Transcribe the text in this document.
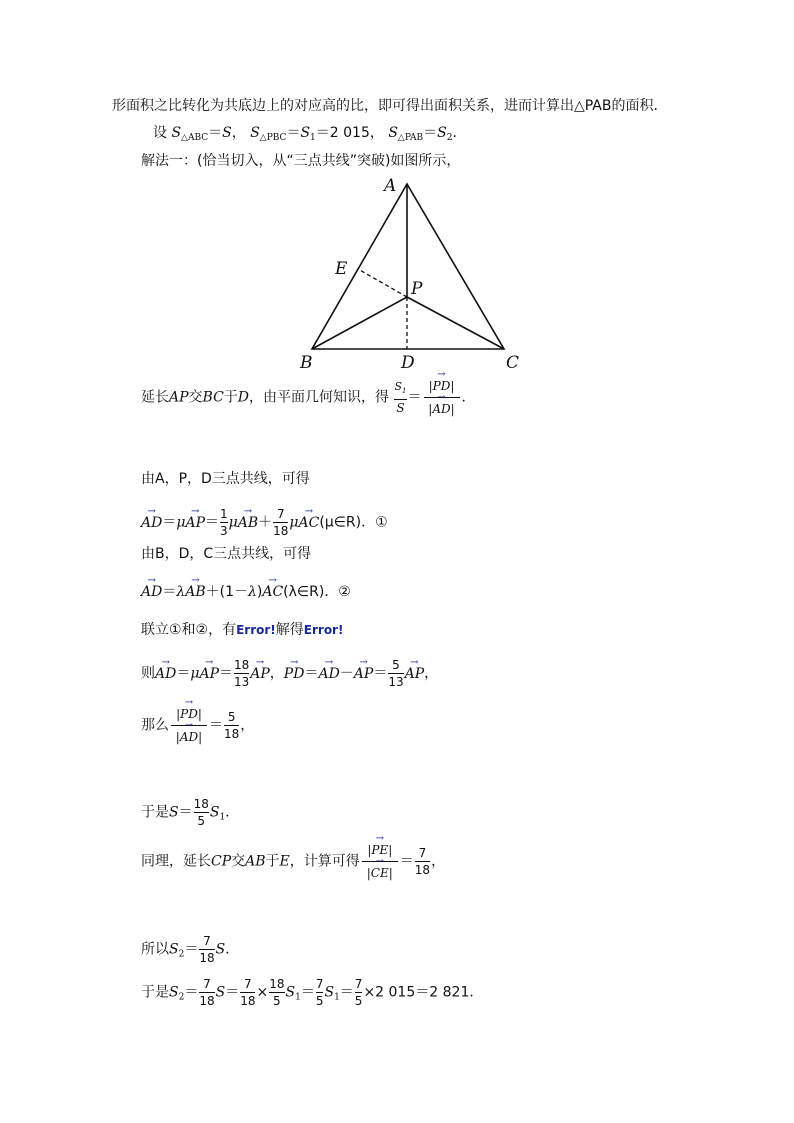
形面积之比转化为共底边上的对应高的比，即可得出面积关系，进而计算出△PAB的面积．
设 $S_{\triangle ABC}=S$， $S_{\triangle PBC}=S_1=2$ 015， $S_{\triangle PAB}=S_2$．
解法一：(恰当切入，从“三点共线”突破)如图所示，
A
B	C
D
E
P
延长AP交BC于D，由平面几何知识，得 $\frac{S_1}{S} = \frac{|\to PD|}{|\to AD|}$ ．
由A，P，D三点共线，可得
→ $AD=\mu\to AP= \frac{1}{3} \mu\to AB+ \frac{7}{18} \mu\to$ AC(μ∈R)．①
由B，D，C三点共线，可得
→ AD＝λ→ AB＋(1－λ)→ AC(λ∈R)．②
联立①和②，有Error!解得Error!
则→ $AD=\mu\to AP= \frac{18}{13}$ → AP，→ $PD=\to AD-\to AP= \frac{5}{13}$ → AP，
那么 $\frac{|\to PD|}{|\to AD|} = \frac{5}{18}$ ，
于是$S= \frac{18}{5} S_1$．
同理，延长CP交AB于E，计算可得 $\frac{|\to PE|}{|\to CE|} = \frac{7}{18}$ ，
所以$S_2= \frac{7}{18}$ S．
于是$S_2= \frac{7}{18} S= \frac{7}{18} \times \frac{18}{5} S_1= \frac{7}{5} S_1= \frac{7}{5} \times 2$ 015＝2 821．
